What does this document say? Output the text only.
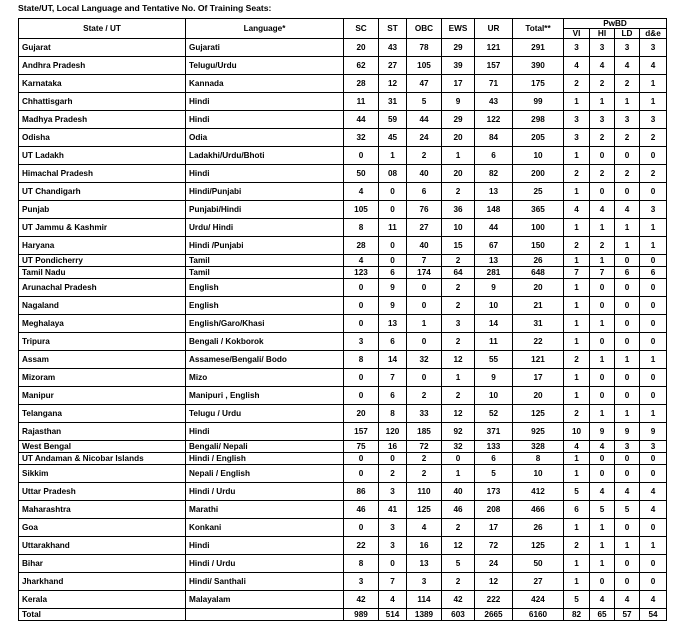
State/UT, Local Language and Tentative No. Of Training Seats:
State / UT	Language*	SC	ST	OBC	EWS	UR	Total**	PwBD			
								VI	HI	LD	d&e
Gujarat	Gujarati	20	43	78	29	121	291	3	3	3	3
Andhra Pradesh	Telugu/Urdu	62	27	105	39	157	390	4	4	4	4
Karnataka	Kannada	28	12	47	17	71	175	2	2	2	1
Chhattisgarh	Hindi	11	31	5	9	43	99	1	1	1	1
Madhya Pradesh	Hindi	44	59	44	29	122	298	3	3	3	3
Odisha	Odia	32	45	24	20	84	205	3	2	2	2
UT Ladakh	Ladakhi/Urdu/Bhoti	0	1	2	1	6	10	1	0	0	0
Himachal Pradesh	Hindi	50	08	40	20	82	200	2	2	2	2
UT Chandigarh	Hindi/Punjabi	4	0	6	2	13	25	1	0	0	0
Punjab	Punjabi/Hindi	105	0	76	36	148	365	4	4	4	3
UT Jammu & Kashmir	Urdu/ Hindi	8	11	27	10	44	100	1	1	1	1
Haryana	Hindi /Punjabi	28	0	40	15	67	150	2	2	1	1
UT Pondicherry	Tamil	4	0	7	2	13	26	1	1	0	0
Tamil Nadu	Tamil	123	6	174	64	281	648	7	7	6	6
Arunachal Pradesh	English	0	9	0	2	9	20	1	0	0	0
Nagaland	English	0	9	0	2	10	21	1	0	0	0
Meghalaya	English/Garo/Khasi	0	13	1	3	14	31	1	1	0	0
Tripura	Bengali / Kokborok	3	6	0	2	11	22	1	0	0	0
Assam	Assamese/Bengali/ Bodo	8	14	32	12	55	121	2	1	1	1
Mizoram	Mizo	0	7	0	1	9	17	1	0	0	0
Manipur	Manipuri , English	0	6	2	2	10	20	1	0	0	0
Telangana	Telugu / Urdu	20	8	33	12	52	125	2	1	1	1
Rajasthan	Hindi	157	120	185	92	371	925	10	9	9	9
West Bengal	Bengali/ Nepali	75	16	72	32	133	328	4	4	3	3
UT Andaman & Nicobar Islands	Hindi / English	0	0	2	0	6	8	1	0	0	0
Sikkim	Nepali / English	0	2	2	1	5	10	1	0	0	0
Uttar Pradesh	Hindi / Urdu	86	3	110	40	173	412	5	4	4	4
Maharashtra	Marathi	46	41	125	46	208	466	6	5	5	4
Goa	Konkani	0	3	4	2	17	26	1	1	0	0
Uttarakhand	Hindi	22	3	16	12	72	125	2	1	1	1
Bihar	Hindi / Urdu	8	0	13	5	24	50	1	1	0	0
Jharkhand	Hindi/ Santhali	3	7	3	2	12	27	1	0	0	0
Kerala	Malayalam	42	4	114	42	222	424	5	4	4	4
Total		989	514	1389	603	2665	6160	82	65	57	54
